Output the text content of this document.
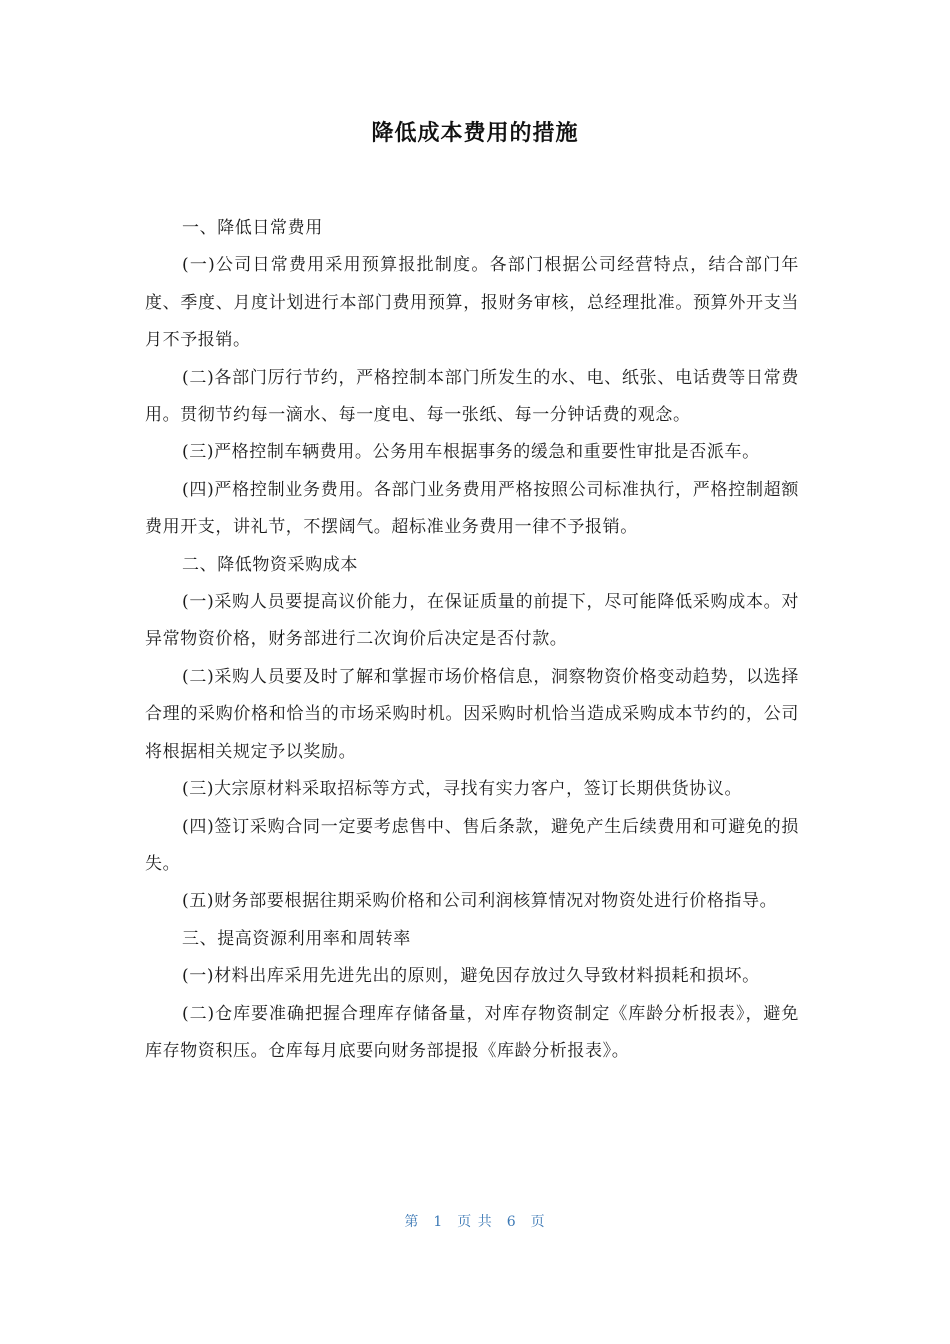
降低成本费用的措施

一、降低日常费用

(一)公司日常费用采用预算报批制度。各部门根据公司经营特点，结合部门年度、季度、月度计划进行本部门费用预算，报财务审核，总经理批准。预算外开支当月不予报销。

(二)各部门厉行节约，严格控制本部门所发生的水、电、纸张、电话费等日常费用。贯彻节约每一滴水、每一度电、每一张纸、每一分钟话费的观念。

(三)严格控制车辆费用。公务用车根据事务的缓急和重要性审批是否派车。

(四)严格控制业务费用。各部门业务费用严格按照公司标准执行，严格控制超额费用开支，讲礼节，不摆阔气。超标准业务费用一律不予报销。

二、降低物资采购成本

(一)采购人员要提高议价能力，在保证质量的前提下，尽可能降低采购成本。对异常物资价格，财务部进行二次询价后决定是否付款。

(二)采购人员要及时了解和掌握市场价格信息，洞察物资价格变动趋势，以选择合理的采购价格和恰当的市场采购时机。因采购时机恰当造成采购成本节约的，公司将根据相关规定予以奖励。

(三)大宗原材料采取招标等方式，寻找有实力客户，签订长期供货协议。

(四)签订采购合同一定要考虑售中、售后条款，避免产生后续费用和可避免的损失。

(五)财务部要根据往期采购价格和公司利润核算情况对物资处进行价格指导。

三、提高资源利用率和周转率

(一)材料出库采用先进先出的原则，避免因存放过久导致材料损耗和损坏。

(二)仓库要准确把握合理库存储备量，对库存物资制定《库龄分析报表》，避免库存物资积压。仓库每月底要向财务部提报《库龄分析报表》。

第 1 页 共 6 页
